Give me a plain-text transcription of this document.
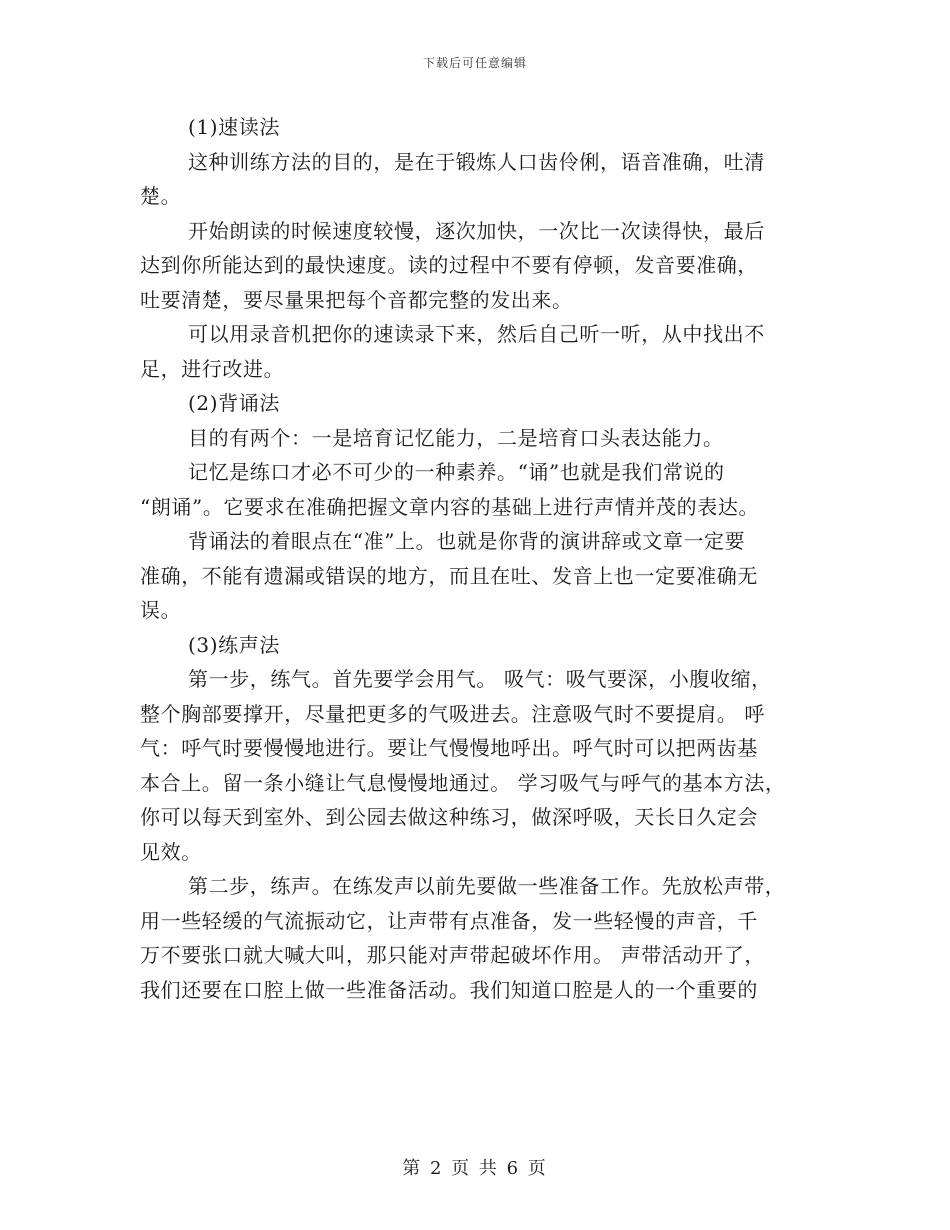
下载后可任意编辑

(1)速读法

这种训练方法的目的，是在于锻炼人口齿伶俐，语音准确，吐清
楚。

开始朗读的时候速度较慢，逐次加快，一次比一次读得快，最后
达到你所能达到的最快速度。读的过程中不要有停顿，发音要准确，
吐要清楚，要尽量果把每个音都完整的发出来。

可以用录音机把你的速读录下来，然后自己听一听，从中找出不
足，进行改进。

(2)背诵法

目的有两个：一是培育记忆能力，二是培育口头表达能力。

记忆是练口才必不可少的一种素养。“诵”也就是我们常说的
“朗诵”。它要求在准确把握文章内容的基础上进行声情并茂的表达。

背诵法的着眼点在“准”上。也就是你背的演讲辞或文章一定要
准确，不能有遗漏或错误的地方，而且在吐、发音上也一定要准确无
误。

(3)练声法

第一步，练气。首先要学会用气。 吸气：吸气要深，小腹收缩，
整个胸部要撑开，尽量把更多的气吸进去。注意吸气时不要提肩。 呼
气：呼气时要慢慢地进行。要让气慢慢地呼出。呼气时可以把两齿基
本合上。留一条小缝让气息慢慢地通过。 学习吸气与呼气的基本方法，
你可以每天到室外、到公园去做这种练习，做深呼吸，天长日久定会
见效。

第二步，练声。在练发声以前先要做一些准备工作。先放松声带，
用一些轻缓的气流振动它，让声带有点准备，发一些轻慢的声音，千
万不要张口就大喊大叫，那只能对声带起破坏作用。 声带活动开了，
我们还要在口腔上做一些准备活动。我们知道口腔是人的一个重要的

第 2 页 共 6 页
